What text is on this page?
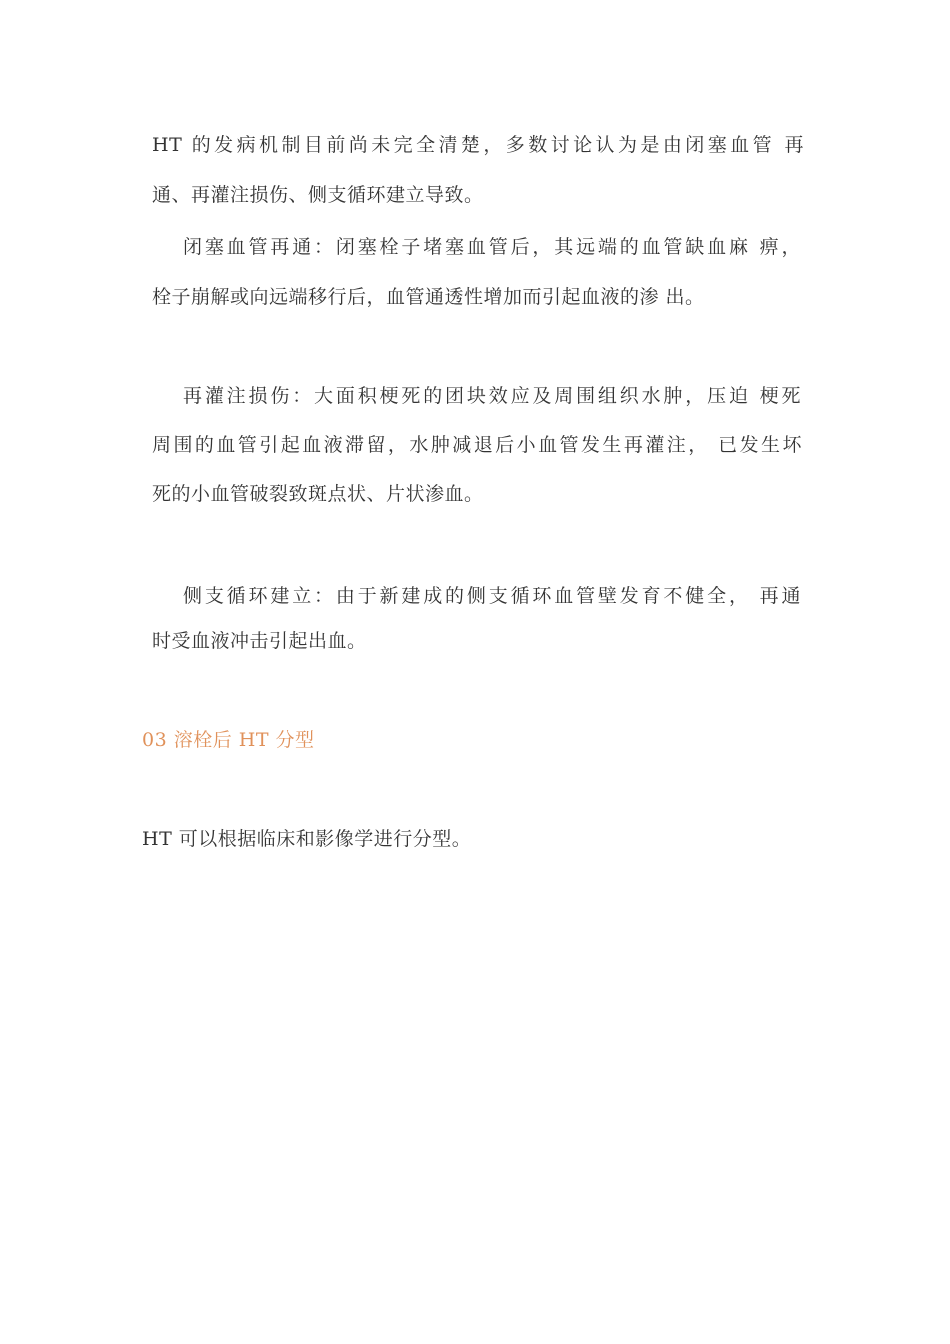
HT 的发病机制目前尚未完全清楚，多数讨论认为是由闭塞血管 再

通、再灌注损伤、侧支循环建立导致。

闭塞血管再通：闭塞栓子堵塞血管后，其远端的血管缺血麻 痹，

栓子崩解或向远端移行后，血管通透性增加而引起血液的渗 出。

再灌注损伤：大面积梗死的团块效应及周围组织水肿，压迫 梗死

周围的血管引起血液滞留，水肿减退后小血管发生再灌注， 已发生坏

死的小血管破裂致斑点状、片状渗血。

侧支循环建立：由于新建成的侧支循环血管壁发育不健全， 再通

时受血液冲击引起出血。

03 溶栓后 HT 分型

HT 可以根据临床和影像学进行分型。
